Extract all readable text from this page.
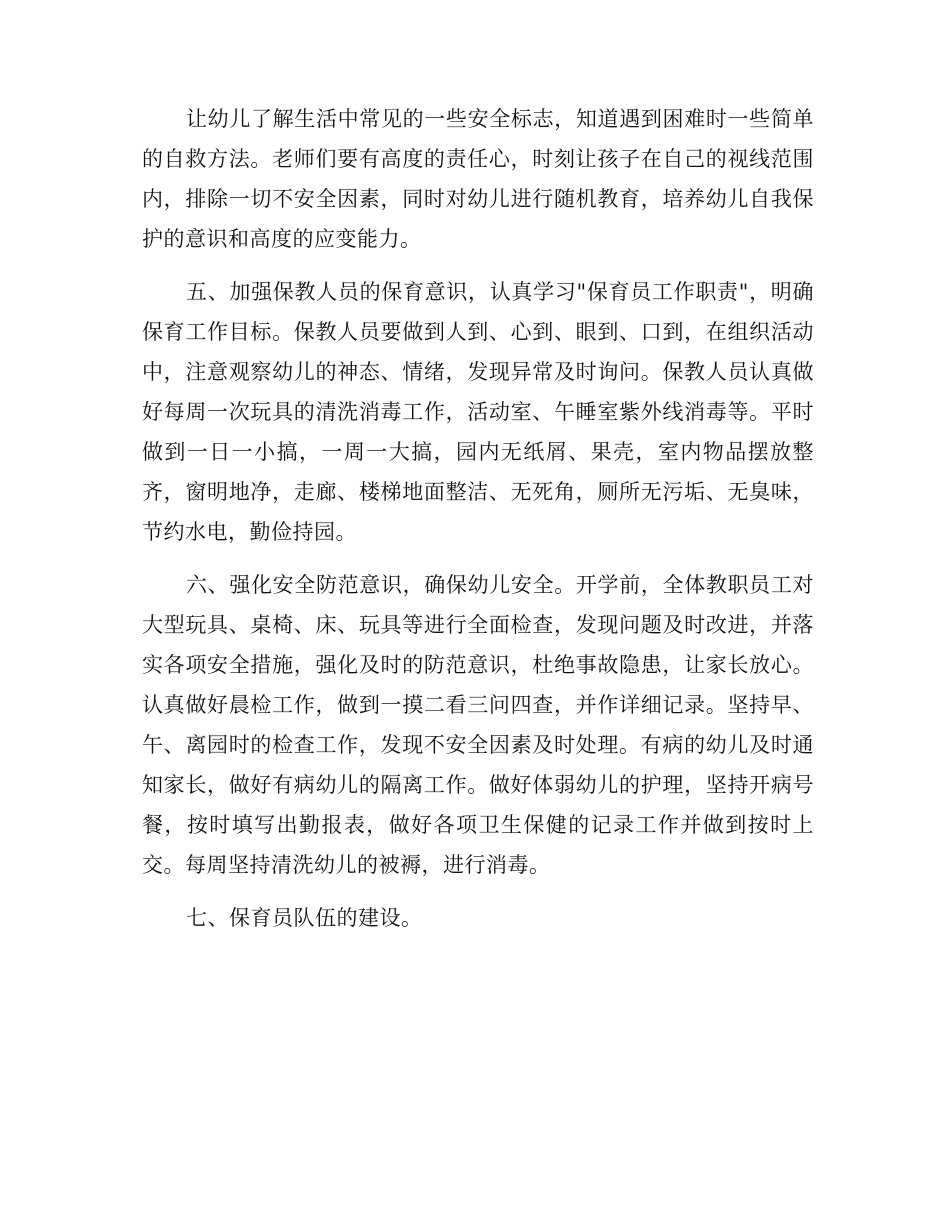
让幼儿了解生活中常见的一些安全标志，知道遇到困难时一些简单的自救方法。老师们要有高度的责任心，时刻让孩子在自己的视线范围内，排除一切不安全因素，同时对幼儿进行随机教育，培养幼儿自我保护的意识和高度的应变能力。

五、加强保教人员的保育意识，认真学习"保育员工作职责"，明确保育工作目标。保教人员要做到人到、心到、眼到、口到，在组织活动中，注意观察幼儿的神态、情绪，发现异常及时询问。保教人员认真做好每周一次玩具的清洗消毒工作，活动室、午睡室紫外线消毒等。平时做到一日一小搞，一周一大搞，园内无纸屑、果壳，室内物品摆放整齐，窗明地净，走廊、楼梯地面整洁、无死角，厕所无污垢、无臭味，节约水电，勤俭持园。

六、强化安全防范意识，确保幼儿安全。开学前，全体教职员工对大型玩具、桌椅、床、玩具等进行全面检查，发现问题及时改进，并落实各项安全措施，强化及时的防范意识，杜绝事故隐患，让家长放心。认真做好晨检工作，做到一摸二看三问四查，并作详细记录。坚持早、午、离园时的检查工作，发现不安全因素及时处理。有病的幼儿及时通知家长，做好有病幼儿的隔离工作。做好体弱幼儿的护理，坚持开病号餐，按时填写出勤报表，做好各项卫生保健的记录工作并做到按时上交。每周坚持清洗幼儿的被褥，进行消毒。

七、保育员队伍的建设。
